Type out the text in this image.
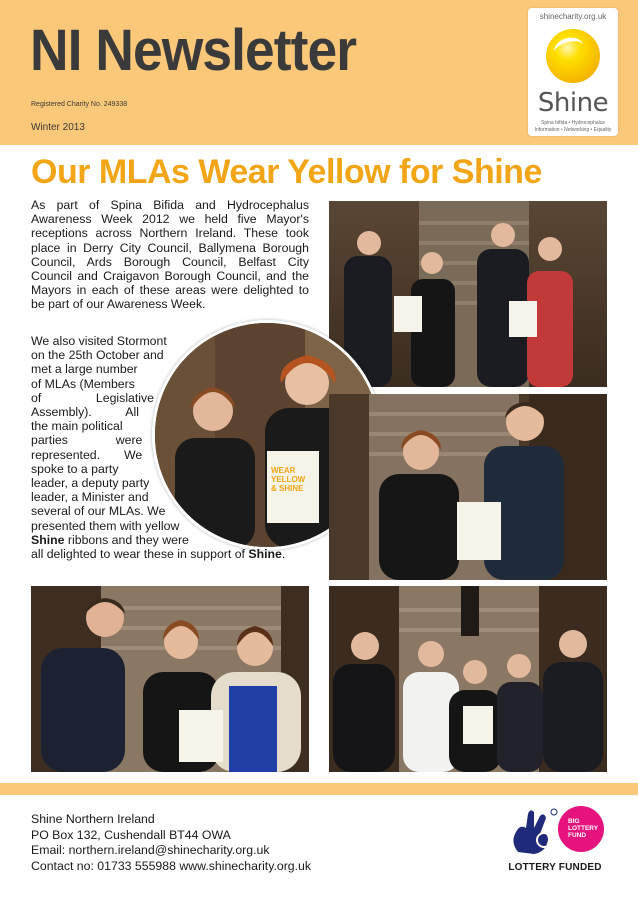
NI Newsletter
Registered Charity No. 249338
Winter 2013
shinecharity.org.uk
Shine
Spina bifida • Hydrocephalus
Information • Networking • Equality
Our MLAs Wear Yellow for Shine

As part of Spina Bifida and Hydrocephalus Awareness Week 2012 we held five Mayor's receptions across Northern Ireland. These took place in Derry City Council, Ballymena Borough Council, Ards Borough Council, Belfast City Council and Craigavon Borough Council, and the Mayors in each of these areas were delighted to be part of our Awareness Week.

WEAR
YELLOW
& SHINE
We also visited Stormont
on the 25th October and
met a large number
of MLAs (Members
of                Legislative
Assembly).          All
the main political
parties              were
represented.       We
spoke to a party
leader, a deputy party
leader, a Minister and
several of our MLAs. We
presented them with yellow
Shine ribbons and they were
all delighted to wear these in support of Shine.
Shine Northern Ireland
PO Box 132, Cushendall BT44 OWA
Email: northern.ireland@shinecharity.org.uk
Contact no: 01733 555988 www.shinecharity.org.uk
BIG
LOTTERY
FUND
LOTTERY FUNDED
